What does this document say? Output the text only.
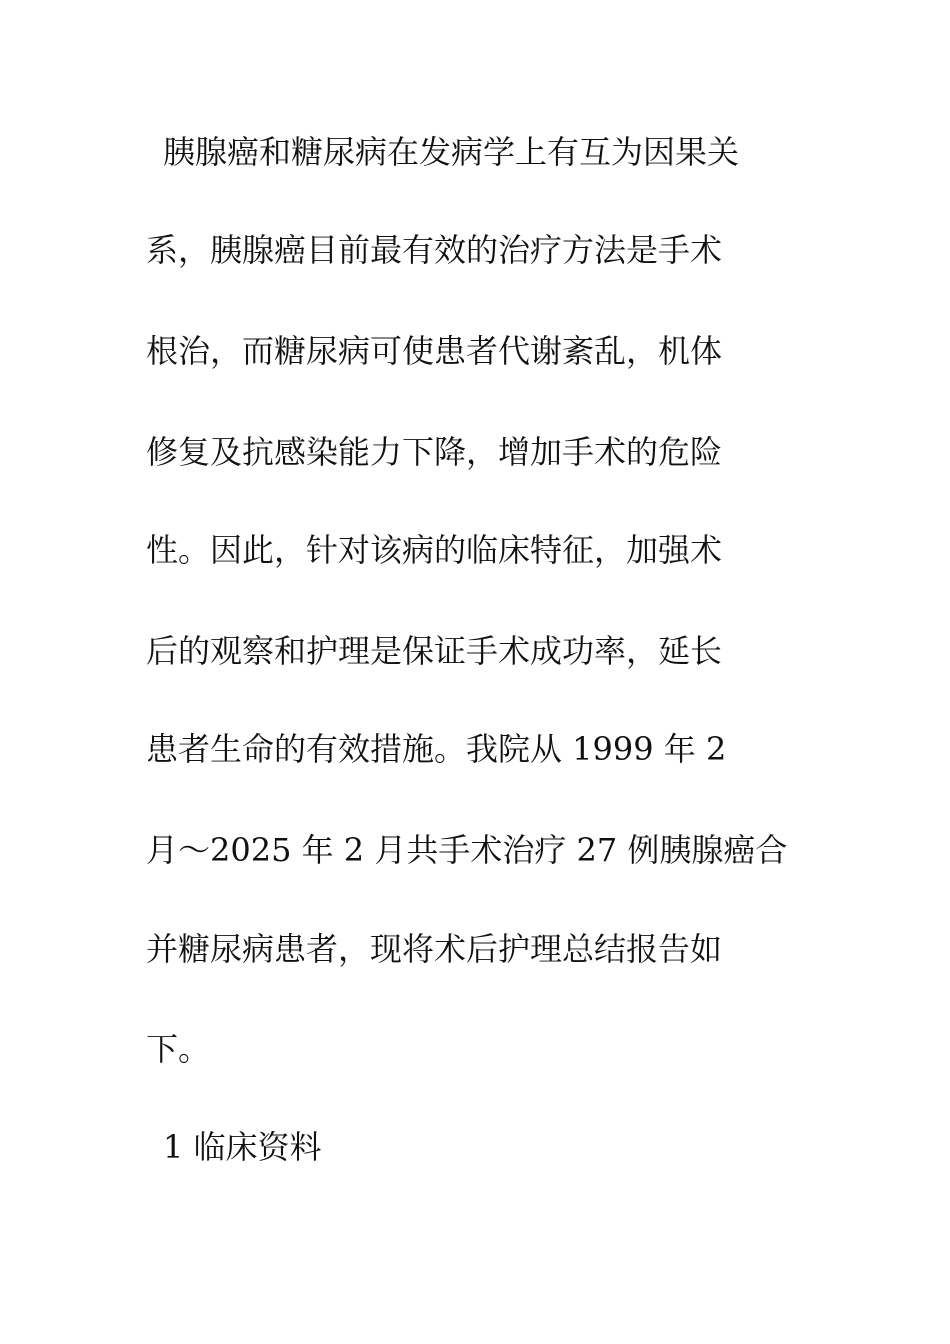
胰腺癌和糖尿病在发病学上有互为因果关
系，胰腺癌目前最有效的治疗方法是手术
根治，而糖尿病可使患者代谢紊乱，机体
修复及抗感染能力下降，增加手术的危险
性。因此，针对该病的临床特征，加强术
后的观察和护理是保证手术成功率，延长
患者生命的有效措施。我院从 1999 年 2
月～2025 年 2 月共手术治疗 27 例胰腺癌合
并糖尿病患者，现将术后护理总结报告如
下。
1 临床资料
